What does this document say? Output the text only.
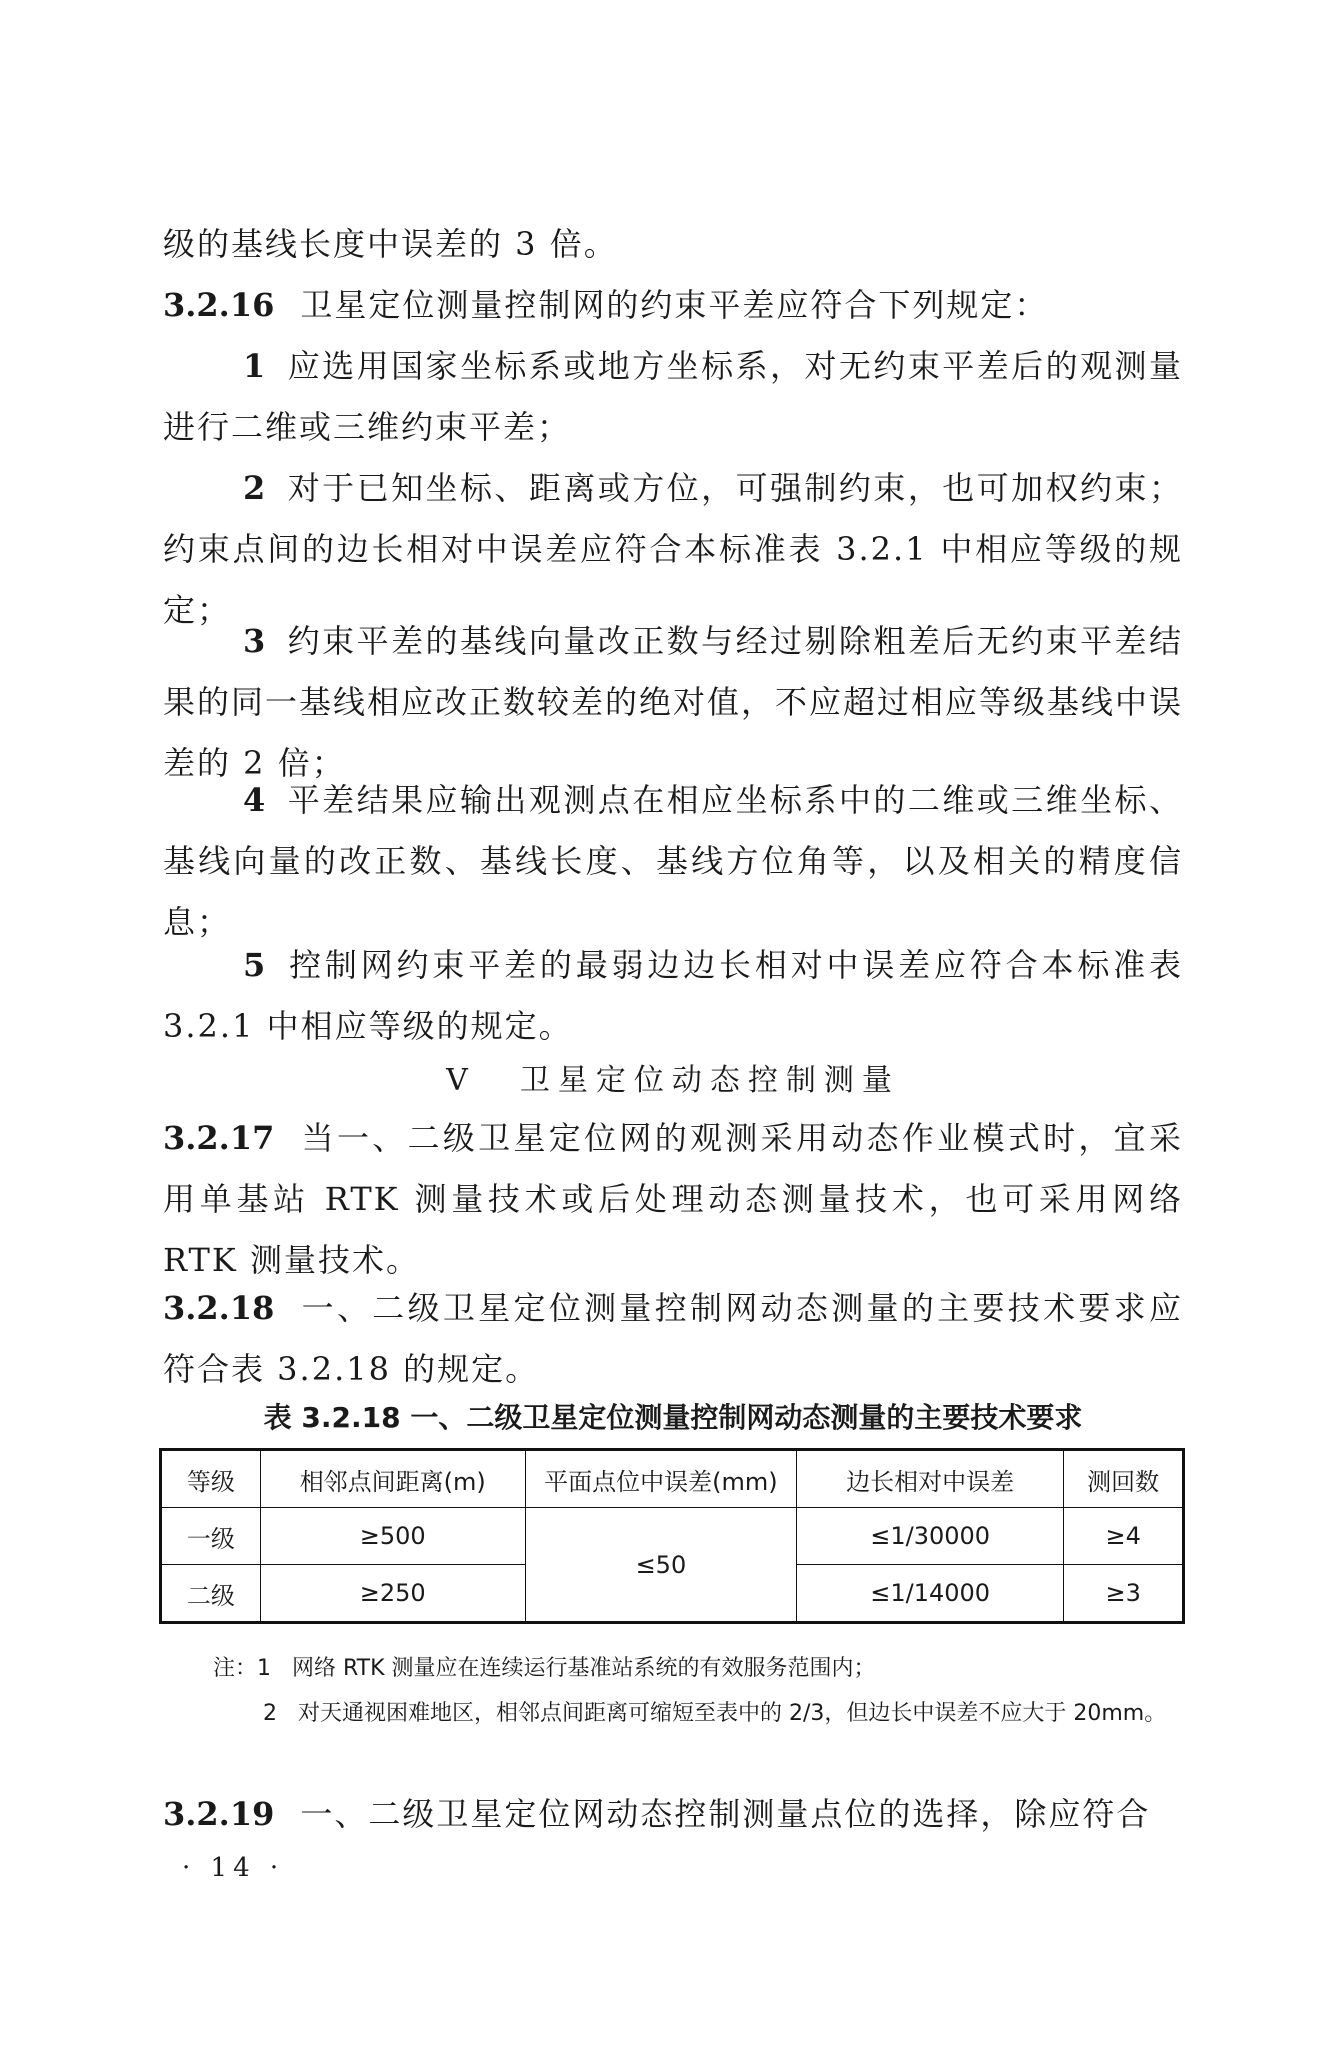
级的基线长度中误差的 3 倍。
3.2.16 卫星定位测量控制网的约束平差应符合下列规定：
1 应选用国家坐标系或地方坐标系，对无约束平差后的观测量进行二维或三维约束平差；
2 对于已知坐标、距离或方位，可强制约束，也可加权约束；约束点间的边长相对中误差应符合本标准表 3.2.1 中相应等级的规定；
3 约束平差的基线向量改正数与经过剔除粗差后无约束平差结果的同一基线相应改正数较差的绝对值，不应超过相应等级基线中误差的 2 倍；
4 平差结果应输出观测点在相应坐标系中的二维或三维坐标、基线向量的改正数、基线长度、基线方位角等，以及相关的精度信息；
5 控制网约束平差的最弱边边长相对中误差应符合本标准表 3.2.1 中相应等级的规定。
Ⅴ 卫星定位动态控制测量
3.2.17 当一、二级卫星定位网的观测采用动态作业模式时，宜采用单基站 RTK 测量技术或后处理动态测量技术，也可采用网络 RTK 测量技术。
3.2.18 一、二级卫星定位测量控制网动态测量的主要技术要求应符合表 3.2.18 的规定。
表 3.2.18 一、二级卫星定位测量控制网动态测量的主要技术要求
等级	相邻点间距离(m)	平面点位中误差(mm)	边长相对中误差	测回数
一级	≥500	≤50	≤1/30000	≥4
二级	≥250		≤1/14000	≥3
注：1 网络 RTK 测量应在连续运行基准站系统的有效服务范围内；
2 对天通视困难地区，相邻点间距离可缩短至表中的 2/3，但边长中误差不应大于 20mm。
3.2.19 一、二级卫星定位网动态控制测量点位的选择，除应符合
· 14 ·
